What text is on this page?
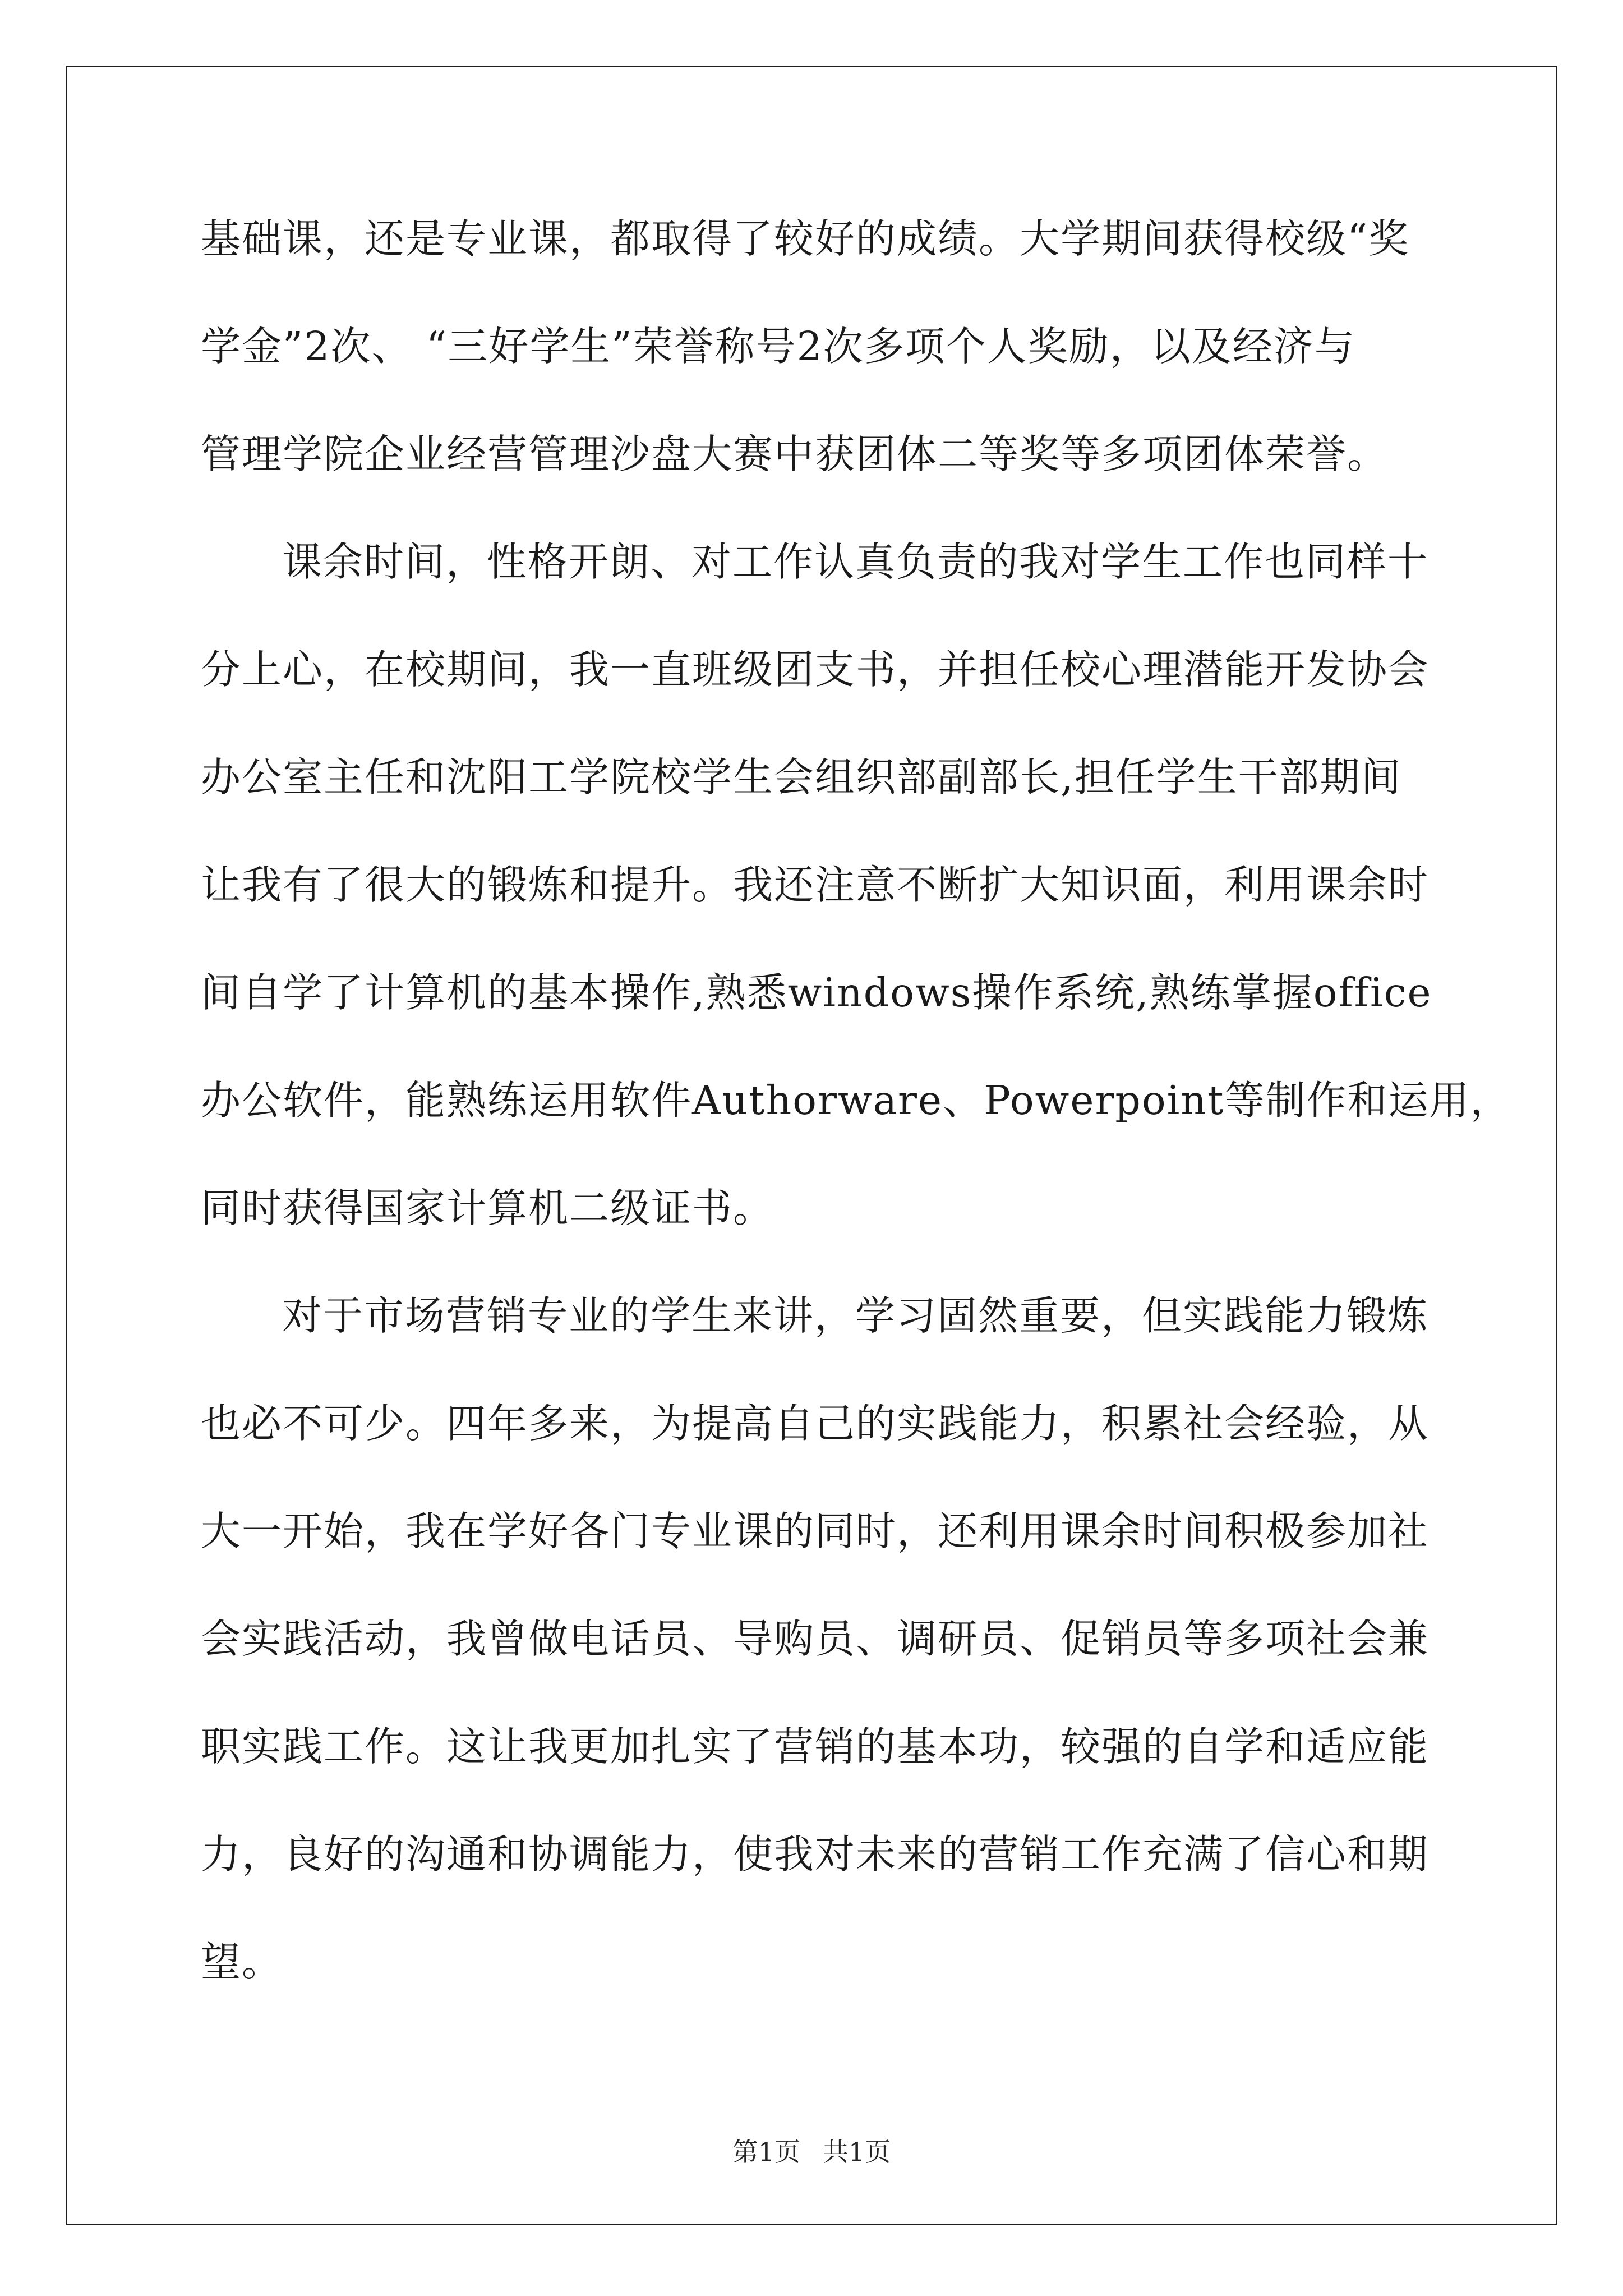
基础课，还是专业课，都取得了较好的成绩。大学期间获得校级“奖
学金”2次、 “三好学生”荣誉称号2次多项个人奖励，以及经济与
管理学院企业经营管理沙盘大赛中获团体二等奖等多项团体荣誉。
课余时间，性格开朗、对工作认真负责的我对学生工作也同样十
分上心，在校期间，我一直班级团支书，并担任校心理潜能开发协会
办公室主任和沈阳工学院校学生会组织部副部长,担任学生干部期间
让我有了很大的锻炼和提升。我还注意不断扩大知识面，利用课余时
间自学了计算机的基本操作,熟悉windows操作系统,熟练掌握office
办公软件，能熟练运用软件Authorware、Powerpoint等制作和运用，
同时获得国家计算机二级证书。
对于市场营销专业的学生来讲，学习固然重要，但实践能力锻炼
也必不可少。四年多来，为提高自己的实践能力，积累社会经验，从
大一开始，我在学好各门专业课的同时，还利用课余时间积极参加社
会实践活动，我曾做电话员、导购员、调研员、促销员等多项社会兼
职实践工作。这让我更加扎实了营销的基本功，较强的自学和适应能
力，良好的沟通和协调能力，使我对未来的营销工作充满了信心和期
望。
第1页 共1页
